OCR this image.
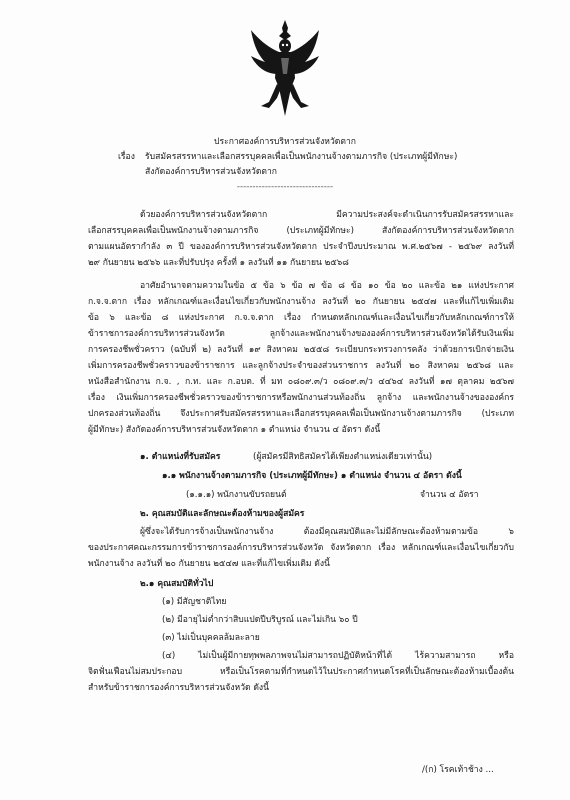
ประกาศองค์การบริหารส่วนจังหวัดตาก
เรื่อง รับสมัครสรรหาและเลือกสรรบุคคลเพื่อเป็นพนักงานจ้างตามภารกิจ (ประเภทผู้มีทักษะ)
สังกัดองค์การบริหารส่วนจังหวัดตาก
-------------------------------
ด้วยองค์การบริหารส่วนจังหวัดตาก มีความประสงค์จะดำเนินการรับสมัครสรรหาและ
เลือกสรรบุคคลเพื่อเป็นพนักงานจ้างตามภารกิจ (ประเภทผู้มีทักษะ) สังกัดองค์การบริหารส่วนจังหวัดตาก
ตามแผนอัตรากำลัง ๓ ปี ขององค์การบริหารส่วนจังหวัดตาก ประจำปีงบประมาณ พ.ศ.๒๕๖๗ - ๒๕๖๙ ลงวันที่
๒๙ กันยายน ๒๕๖๖ และที่ปรับปรุง ครั้งที่ ๑ ลงวันที่ ๑๑ กันยายน ๒๕๖๘
อาศัยอำนาจตามความในข้อ ๕ ข้อ ๖ ข้อ ๗ ข้อ ๘ ข้อ ๑๐ ข้อ ๒๐ และข้อ ๒๑ แห่งประกาศ
ก.จ.จ.ตาก เรื่อง หลักเกณฑ์และเงื่อนไขเกี่ยวกับพนักงานจ้าง ลงวันที่ ๒๐ กันยายน ๒๕๔๗ และที่แก้ไขเพิ่มเติม
ข้อ ๖ และข้อ ๘ แห่งประกาศ ก.จ.จ.ตาก เรื่อง กำหนดหลักเกณฑ์และเงื่อนไขเกี่ยวกับหลักเกณฑ์การให้
ข้าราชการองค์การบริหารส่วนจังหวัด ลูกจ้างและพนักงานจ้างขององค์การบริหารส่วนจังหวัดได้รับเงินเพิ่ม
การครองชีพชั่วคราว (ฉบับที่ ๒) ลงวันที่ ๑๙ สิงหาคม ๒๕๕๘ ระเบียบกระทรวงการคลัง ว่าด้วยการเบิกจ่ายเงิน
เพิ่มการครองชีพชั่วคราวของข้าราชการ และลูกจ้างประจำของส่วนราชการ ลงวันที่ ๒๐ สิงหาคม ๒๕๖๘ และ
หนังสือสำนักงาน ก.จ. , ก.ท. และ ก.อบต. ที่ มท ๐๘๐๙.๓/ว ๐๘๐๙.๓/ว ๔๔๖๔ ลงวันที่ ๑๗ ตุลาคม ๒๕๖๗
เรื่อง เงินเพิ่มการครองชีพชั่วคราวของข้าราชการหรือพนักงานส่วนท้องถิ่น ลูกจ้าง และพนักงานจ้างขององค์กร
ปกครองส่วนท้องถิ่น จึงประกาศรับสมัครสรรหาและเลือกสรรบุคคลเพื่อเป็นพนักงานจ้างตามภารกิจ (ประเภท
ผู้มีทักษะ) สังกัดองค์การบริหารส่วนจังหวัดตาก ๑ ตำแหน่ง จำนวน ๔ อัตรา ดังนี้
๑. ตำแหน่งที่รับสมัคร	(ผู้สมัครมีสิทธิสมัครได้เพียงตำแหน่งเดียวเท่านั้น)
๑.๑ พนักงานจ้างตามภารกิจ (ประเภทผู้มีทักษะ) ๑ ตำแหน่ง จำนวน ๔ อัตรา ดังนี้
(๑.๑.๑) พนักงานขับรถยนต์	จำนวน ๔ อัตรา
๒. คุณสมบัติและลักษณะต้องห้ามของผู้สมัคร
ผู้ซึ่งจะได้รับการจ้างเป็นพนักงานจ้าง ต้องมีคุณสมบัติและไม่มีลักษณะต้องห้ามตามข้อ ๖
ของประกาศคณะกรรมการข้าราชการองค์การบริหารส่วนจังหวัด จังหวัดตาก เรื่อง หลักเกณฑ์และเงื่อนไขเกี่ยวกับ
พนักงานจ้าง ลงวันที่ ๒๐ กันยายน ๒๕๔๗ และที่แก้ไขเพิ่มเติม ดังนี้
๒.๑ คุณสมบัติทั่วไป
(๑) มีสัญชาติไทย
(๒) มีอายุไม่ต่ำกว่าสิบแปดปีบริบูรณ์ และไม่เกิน ๖๐ ปี
(๓) ไม่เป็นบุคคลล้มละลาย
(๔) ไม่เป็นผู้มีกายทุพพลภาพจนไม่สามารถปฏิบัติหน้าที่ได้ ไร้ความสามารถ หรือ
จิตฟั่นเฟือนไม่สมประกอบ หรือเป็นโรคตามที่กำหนดไว้ในประกาศกำหนดโรคที่เป็นลักษณะต้องห้ามเบื้องต้น
สำหรับข้าราชการองค์การบริหารส่วนจังหวัด ดังนี้
/(ก) โรคเท้าช้าง ...
